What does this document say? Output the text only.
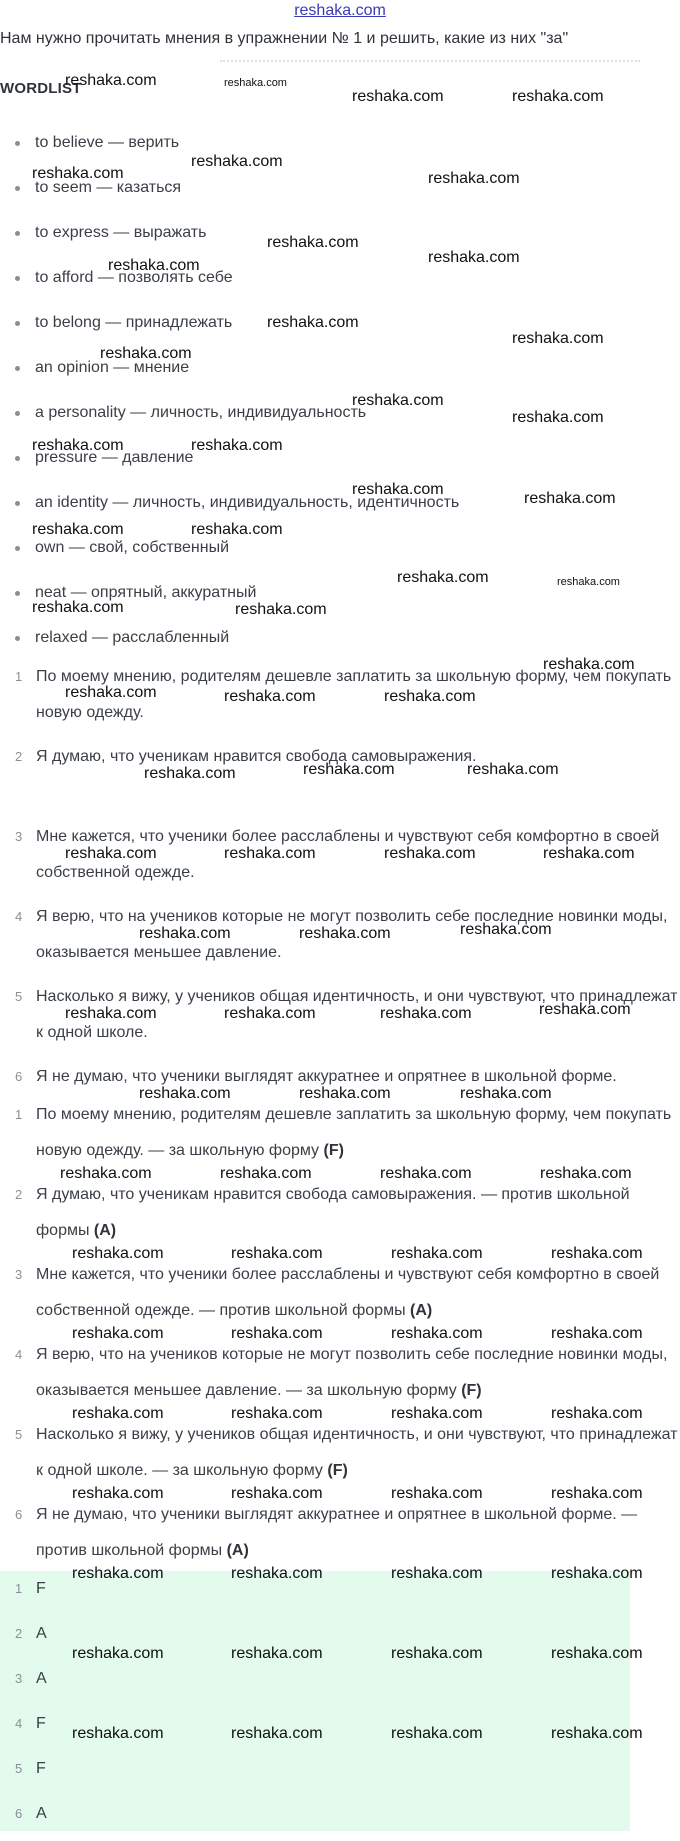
reshaka.com
Нам нужно прочитать мнения в упражнении № 1 и решить, какие из них "за"
WORDLIST
to believe — верить
to seem — казаться
to express — выражать
to afford — позволять себе
to belong — принадлежать
an opinion — мнение
a personality — личность, индивидуальность
pressure — давление
an identity — личность, индивидуальность, идентичность
own — свой, собственный
neat — опрятный, аккуратный
relaxed — расслабленный
1 По моему мнению, родителям дешевле заплатить за школьную форму, чем покупать новую одежду.
2 Я думаю, что ученикам нравится свобода самовыражения.
3 Мне кажется, что ученики более расслаблены и чувствуют себя комфортно в своей собственной одежде.
4 Я верю, что на учеников которые не могут позволить себе последние новинки моды, оказывается меньшее давление.
5 Насколько я вижу, у учеников общая идентичность, и они чувствуют, что принадлежат к одной школе.
6 Я не думаю, что ученики выглядят аккуратнее и опрятнее в школьной форме.
1 По моему мнению, родителям дешевле заплатить за школьную форму, чем покупать новую одежду. — за школьную форму (F)
2 Я думаю, что ученикам нравится свобода самовыражения. — против школьной формы (A)
3 Мне кажется, что ученики более расслаблены и чувствуют себя комфортно в своей собственной одежде. — против школьной формы (A)
4 Я верю, что на учеников которые не могут позволить себе последние новинки моды, оказывается меньшее давление. — за школьную форму (F)
5 Насколько я вижу, у учеников общая идентичность, и они чувствуют, что принадлежат к одной школе. — за школьную форму (F)
6 Я не думаю, что ученики выглядят аккуратнее и опрятнее в школьной форме. — против школьной формы (A)
1 F
2 A
3 A
4 F
5 F
6 A
reshaka.com	reshaka.com
reshaka.com	reshaka.com
reshaka.com
reshaka.com	reshaka.com
reshaka.com
reshaka.com
reshaka.com
reshaka.com
reshaka.com
reshaka.com
reshaka.com
reshaka.com
reshaka.com	reshaka.com
reshaka.com
reshaka.com
reshaka.com	reshaka.com
reshaka.com	reshaka.com
reshaka.com	reshaka.com
reshaka.com
reshaka.com	reshaka.com	reshaka.com
reshaka.com	reshaka.com	reshaka.com
reshaka.com	reshaka.com	reshaka.com	reshaka.com
reshaka.com	reshaka.com	reshaka.com
reshaka.com	reshaka.com	reshaka.com	reshaka.com
reshaka.com	reshaka.com	reshaka.com
reshaka.com	reshaka.com	reshaka.com	reshaka.com
reshaka.com	reshaka.com	reshaka.com	reshaka.com
reshaka.com	reshaka.com	reshaka.com	reshaka.com
reshaka.com	reshaka.com	reshaka.com	reshaka.com
reshaka.com	reshaka.com	reshaka.com	reshaka.com
reshaka.com	reshaka.com	reshaka.com	reshaka.com
reshaka.com	reshaka.com	reshaka.com	reshaka.com
reshaka.com	reshaka.com	reshaka.com	reshaka.com
